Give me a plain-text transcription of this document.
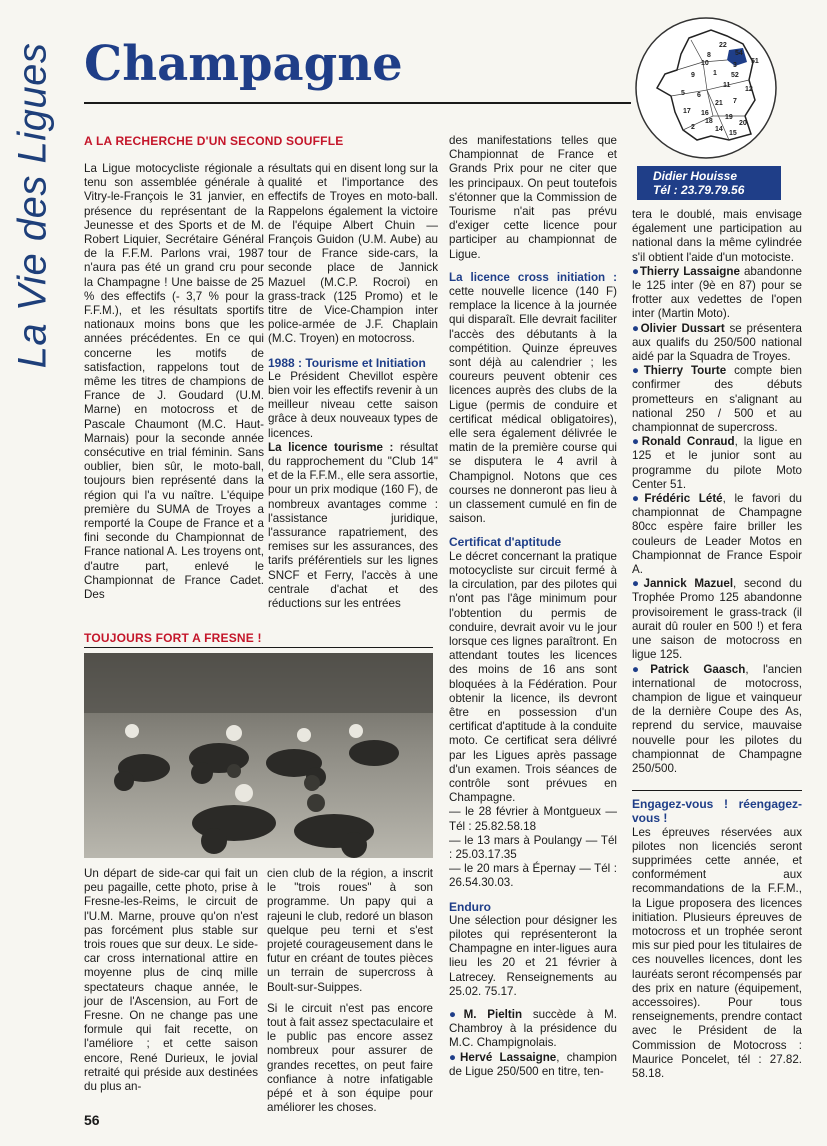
La Vie des Ligues Champagne	22
54
8
10	51
52
9
11
12
21
16
17
19
20
3
1
5 6
7
2	14
15
18
Didier Houisse
Tél : 23.79.79.56
A LA RECHERCHE D'UN SECOND SOUFFLE

La Ligue motocycliste régionale a tenu son assemblée générale à Vitry-le-François le 31 janvier, en présence du représentant de la Jeunesse et des Sports et de M. Robert Liquier, Secrétaire Général de la F.F.M. Parlons vrai, 1987 n'aura pas été un grand cru pour la Champagne ! Une baisse de 25 % des effectifs (- 3,7 % pour la F.F.M.), et les résultats sportifs nationaux moins bons que les années précédentes. En ce qui concerne les motifs de satisfaction, rappelons tout de même les titres de champions de France de J. Goudard (U.M. Marne) en motocross et de Pascale Chaumont (M.C. Haut-Marnais) pour la seconde année consécutive en trial féminin. Sans oublier, bien sûr, le moto-ball, toujours bien représenté dans la région qui l'a vu naître. L'équipe première du SUMA de Troyes a remporté la Coupe de France et a fini seconde du Championnat de France national A. Les troyens ont, d'autre part, enlevé le Championnat de France Cadet. Des

résultats qui en disent long sur la qualité et l'importance des effectifs de Troyes en moto-ball. Rappelons également la victoire de l'équipe Albert Chuin — François Guidon (U.M. Aube) au tour de France side-cars, la seconde place de Jannick Mazuel (M.C.P. Rocroi) en grass-track (125 Promo) et le titre de Vice-Champion inter police-armée de J.F. Chaplain (M.C. Troyen) en motocross.

1988 : Tourisme et Initiation

Le Président Chevillot espère bien voir les effectifs revenir à un meilleur niveau cette saison grâce à deux nouveaux types de licences.

La licence tourisme : résultat du rapprochement du "Club 14" et de la F.F.M., elle sera assortie, pour un prix modique (160 F), de nombreux avantages comme : l'assistance juridique, l'assurance rapatriement, des remises sur les assurances, des tarifs préférentiels sur les lignes SNCF et Ferry, l'accès à une centrale d'achat et des réductions sur les entrées

TOUJOURS FORT A FRESNE !

Un départ de side-car qui fait un peu pagaille, cette photo, prise à Fresne-les-Reims, le circuit de l'U.M. Marne, prouve qu'on n'est pas forcément plus stable sur trois roues que sur deux. Le side-car cross international attire en moyenne plus de cinq mille spectateurs chaque année, le jour de l'Ascension, au Fort de Fresne. On ne change pas une formule qui fait recette, on l'améliore ; et cette saison encore, René Durieux, le jovial retraité qui préside aux destinées du plus an-

cien club de la région, a inscrit le "trois roues" à son programme. Un papy qui a rajeuni le club, redoré un blason quelque peu terni et s'est projeté courageusement dans le futur en créant de toutes pièces un terrain de supercross à Boult-sur-Suippes.

Si le circuit n'est pas encore tout à fait assez spectaculaire et le public pas encore assez nombreux pour assurer de grandes recettes, on peut faire confiance à notre infatigable pépé et à son équipe pour améliorer les choses.

des manifestations telles que Championnat de France et Grands Prix pour ne citer que les principaux. On peut toutefois s'étonner que la Commission de Tourisme n'ait pas prévu d'exiger cette licence pour participer au championnat de Ligue.

La licence cross initiation : cette nouvelle licence (140 F) remplace la licence à la journée qui disparaît. Elle devrait faciliter l'accès des débutants à la compétition. Quinze épreuves sont déjà au calendrier ; les coureurs peuvent obtenir ces licences auprès des clubs de la Ligue (permis de conduire et certificat médical obligatoires), elle sera également délivrée le matin de la première course qui se disputera le 4 avril à Champignol. Notons que ces courses ne donneront pas lieu à un classement cumulé en fin de saison.

Certificat d'aptitude

Le décret concernant la pratique motocycliste sur circuit fermé à la circulation, par des pilotes qui n'ont pas l'âge minimum pour l'obtention du permis de conduire, devrait avoir vu le jour lorsque ces lignes paraîtront. En attendant toutes les licences des moins de 16 ans sont bloquées à la Fédération. Pour obtenir la licence, ils devront être en possession d'un certificat d'aptitude à la conduite moto. Ce certificat sera délivré par les Ligues après passage d'un examen. Trois séances de contrôle sont prévues en Champagne.

— le 28 février à Montgueux — Tél : 25.82.58.18

— le 13 mars à Poulangy — Tél : 25.03.17.35

— le 20 mars à Épernay — Tél : 26.54.30.03.

Enduro

Une sélection pour désigner les pilotes qui représenteront la Champagne en inter-ligues aura lieu les 20 et 21 février à Latrecey. Renseignements au 25.02. 75.17.

●M. Pieltin succède à M. Chambroy à la présidence du M.C. Champignolais.

●Hervé Lassaigne, champion de Ligue 250/500 en titre, ten-

tera le doublé, mais envisage également une participation au national dans la même cylindrée s'il obtient l'aide d'un motociste.

●Thierry Lassaigne abandonne le 125 inter (9è en 87) pour se frotter aux vedettes de l'open inter (Martin Moto).

●Olivier Dussart se présentera aux qualifs du 250/500 national aidé par la Squadra de Troyes.

●Thierry Tourte compte bien confirmer des débuts prometteurs en s'alignant au national 250 / 500 et au championnat de supercross.

●Ronald Conraud, la ligue en 125 et le junior sont au programme du pilote Moto Center 51.

●Frédéric Lété, le favori du championnat de Champagne 80cc espère faire briller les couleurs de Leader Motos en Championnat de France Espoir A.

●Jannick Mazuel, second du Trophée Promo 125 abandonne provisoirement le grass-track (il aurait dû rouler en 500 !) et fera une saison de motocross en ligue 125.

●Patrick Gaasch, l'ancien international de motocross, champion de ligue et vainqueur de la dernière Coupe des As, reprend du service, mauvaise nouvelle pour les pilotes du championnat de Champagne 250/500.

Engagez-vous ! réengagez-vous !

Les épreuves réservées aux pilotes non licenciés seront supprimées cette année, et conformément aux recommandations de la F.F.M., la Ligue proposera des licences initiation. Plusieurs épreuves de motocross et un trophée seront mis sur pied pour les titulaires de ces nouvelles licences, dont les lauréats seront récompensés par des prix en nature (équipement, accessoires). Pour tous renseignements, prendre contact avec le Président de la Commission de Motocross : Maurice Poncelet, tél : 27.82. 58.18.

56
